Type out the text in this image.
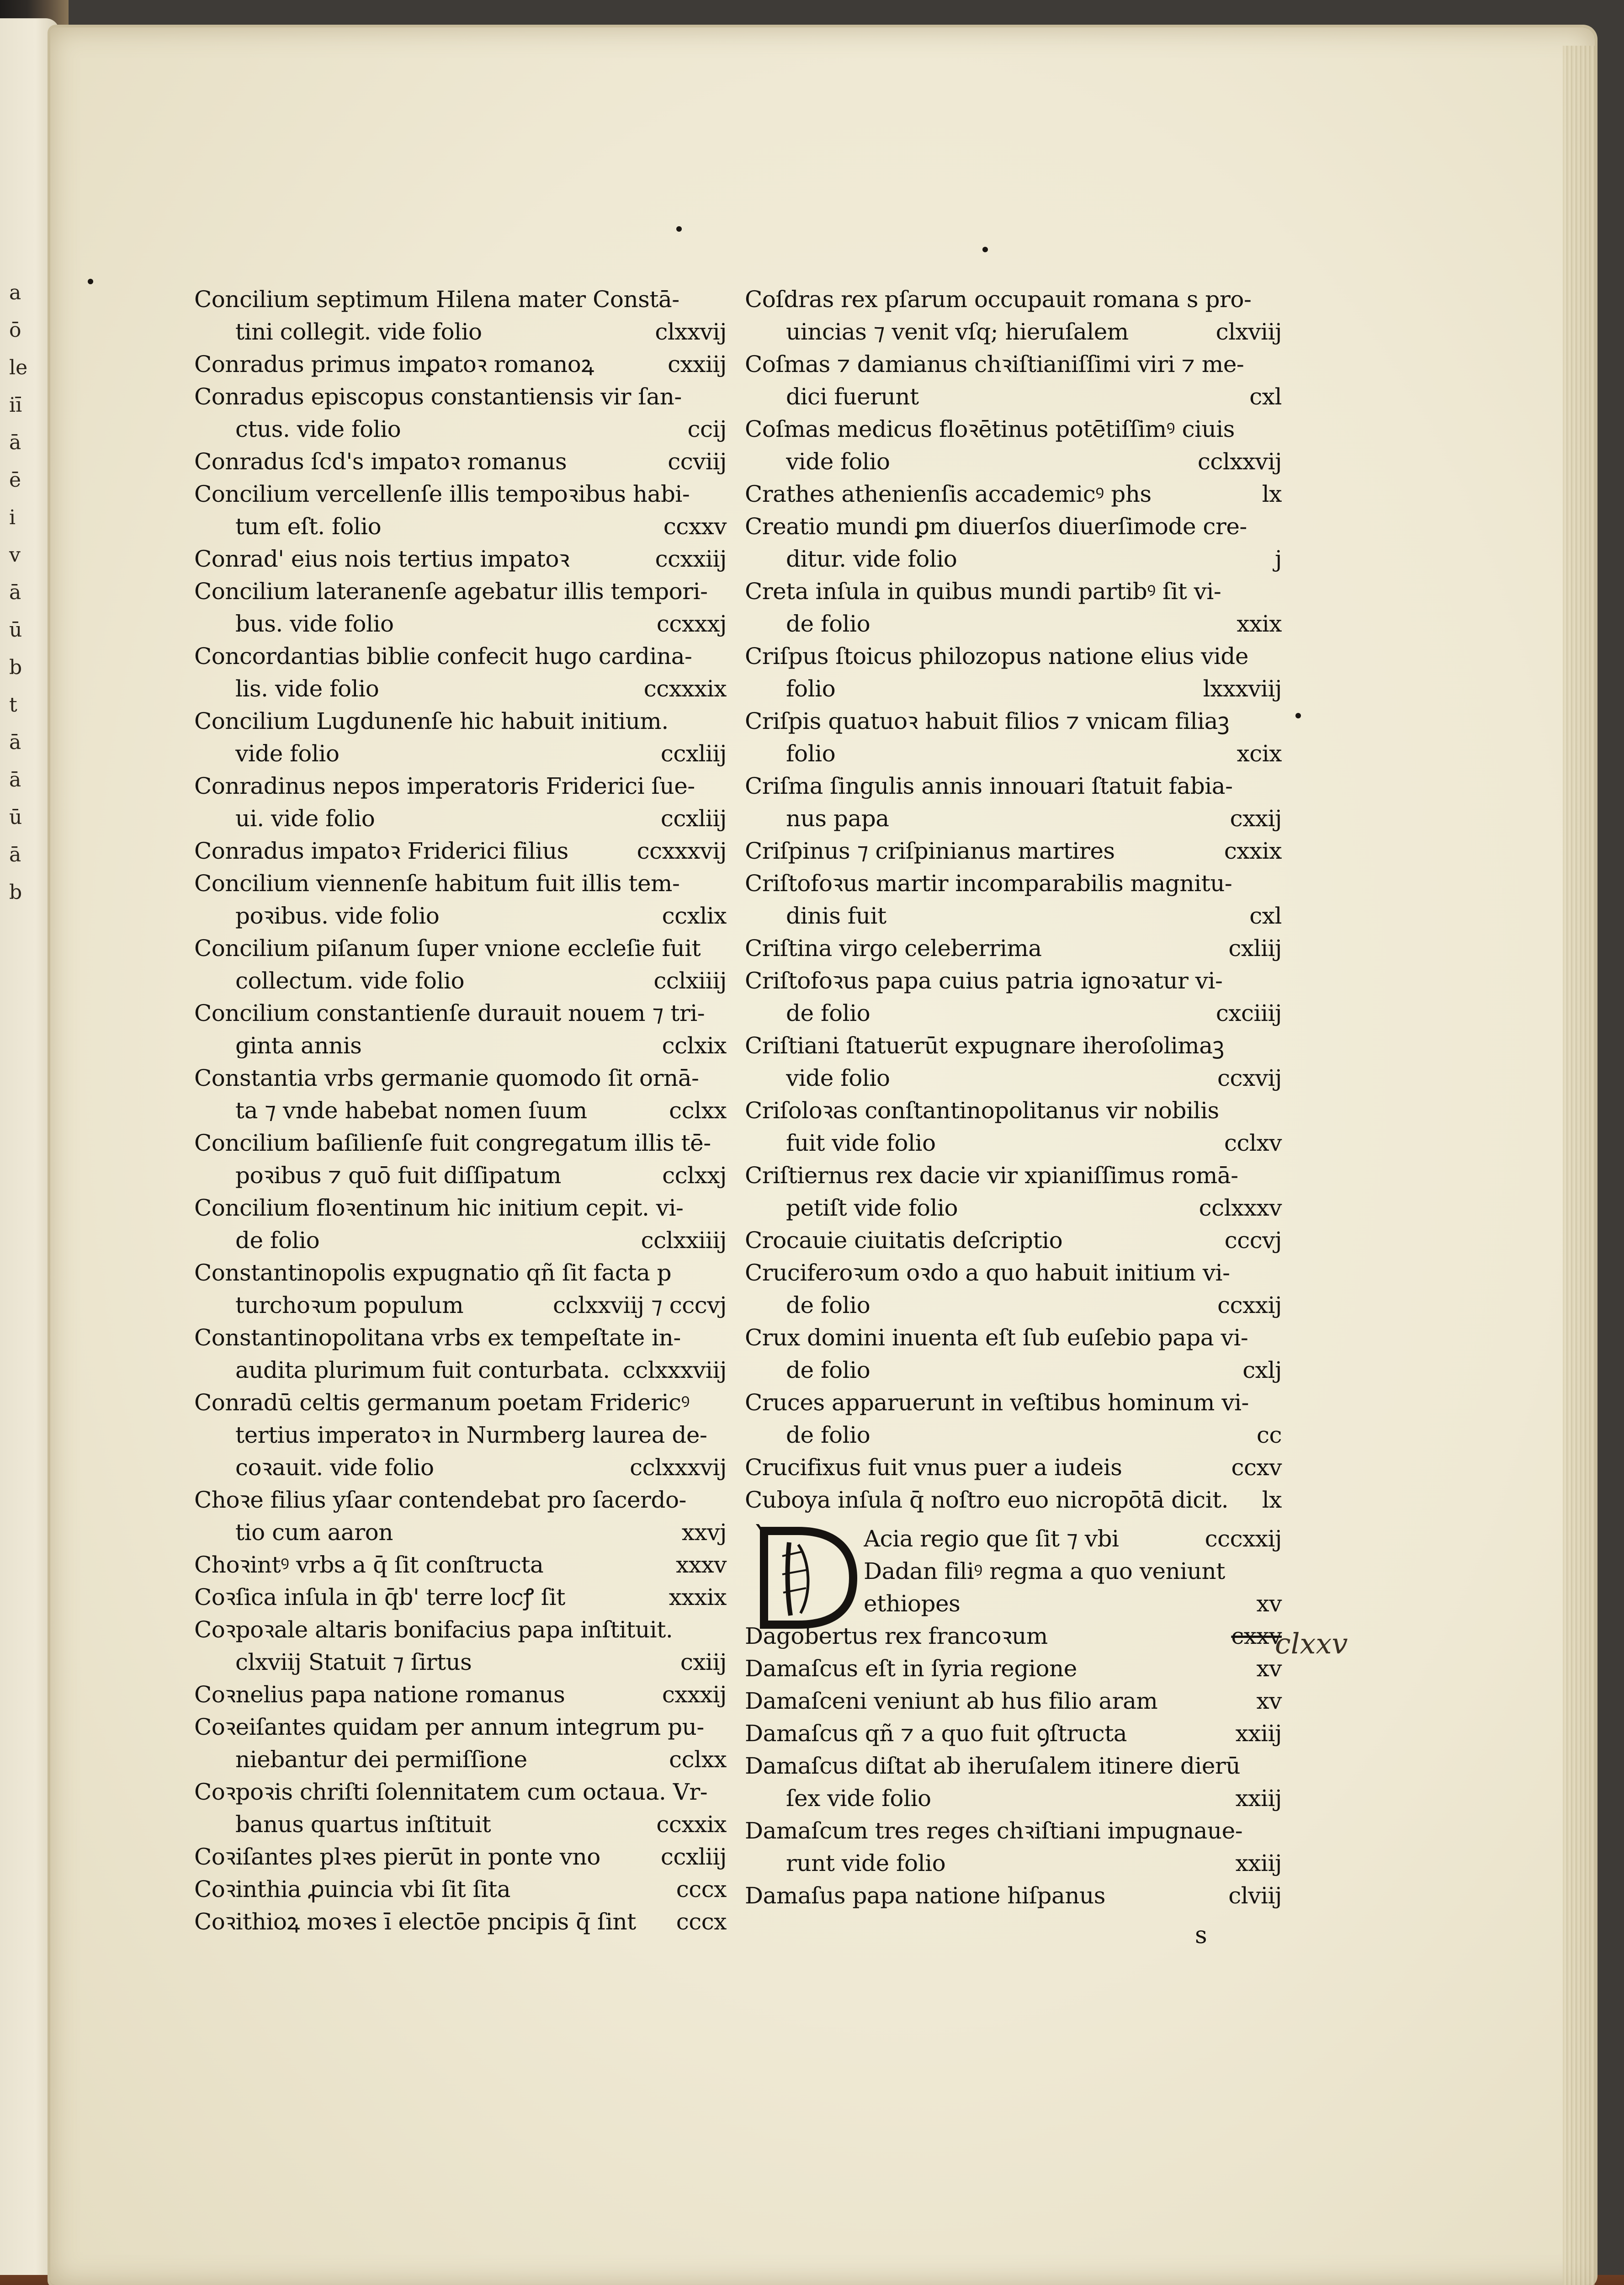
a
ō
le
iī
ā
ē
i
v
ā
ū
b
t
ā
ā
ū
ā
b
Concilium septimum Hilena mater Constā-
tini collegit. vide folio	clxxvij
Conradus primus imꝑatoꝛ romanoꝝ	cxxiij
Conradus episcopus constantiensis vir ſan-
ctus. vide folio	ccij
Conradus ſcd's impatoꝛ romanus	ccviij
Concilium vercellenſe illis tempoꝛibus habi-
tum eſt. folio	ccxxv
Conrad' eius nois tertius impatoꝛ	ccxxiij
Concilium lateranenſe agebatur illis tempori-
bus. vide folio	ccxxxj
Concordantias biblie confecit hugo cardina-
lis. vide folio	ccxxxix
Concilium Lugdunenſe hic habuit initium.
vide folio	ccxliij
Conradinus nepos imperatoris Friderici ſue-
ui. vide folio	ccxliij
Conradus impatoꝛ Friderici filius	ccxxxvij
Concilium viennenſe habitum fuit illis tem-
poꝛibus. vide folio	ccxlix
Concilium piſanum ſuper vnione eccleſie fuit
collectum. vide folio	cclxiiij
Concilium constantienſe durauit nouem ⁊ tri-
ginta annis	cclxix
Constantia vrbs germanie quomodo ſit ornā-
ta ⁊ vnde habebat nomen ſuum	cclxx
Concilium baſilienſe fuit congregatum illis tē-
poꝛibus ⁊ quō fuit diſſipatum	cclxxj
Concilium floꝛentinum hic initium cepit. vi-
de folio	cclxxiiij
Constantinopolis expugnatio qñ ſit facta p
turchoꝛum populum	cclxxviij ⁊ cccvj
Constantinopolitana vrbs ex tempeſtate in-
audita plurimum fuit conturbata. cclxxxviij
Conradū celtis germanum poetam Fridericꝰ
tertius imperatoꝛ in Nurmberg laurea de-
coꝛauit. vide folio	cclxxxvij
Choꝛe filius yſaar contendebat pro ſacerdo-
tio cum aaron	xxvj
Choꝛintꝰ vrbs a q̄ ſit conſtructa	xxxv
Coꝛſica inſula in q̄b' terre locꝭ ſit	xxxix
Coꝛpoꝛale altaris bonifacius papa inſtituit.
clxviij Statuit ⁊ ſirtus	cxiij
Coꝛnelius papa natione romanus	cxxxij
Coꝛeiſantes quidam per annum integrum pu-
niebantur dei permiſſione	cclxx
Coꝛpoꝛis chriſti ſolennitatem cum octaua. Vr-
banus quartus inſtituit	ccxxix
Coꝛiſantes plꝛes pierūt in ponte vno	ccxliij
Coꝛinthia ꝓuincia vbi ſit ſita	cccx
Coꝛithioꝝ moꝛes ī electōe pncipis q̄ ſint	cccx
Coſdras rex pſarum occupauit romana s pro-
uincias ⁊ venit vſq; hieruſalem	clxviij
Coſmas ⁊ damianus chꝛiſtianiſſimi viri ⁊ me-
dici fuerunt	cxl
Coſmas medicus floꝛētinus potētiſſimꝰ ciuis
vide folio	cclxxvij
Crathes athenienſis accademicꝰ phs	lx
Creatio mundi ꝑm diuerſos diuerſimode cre-
ditur. vide folio	j
Creta inſula in quibus mundi partibꝰ ſit vi-
de folio	xxix
Criſpus ſtoicus philozopus natione elius vide
folio	lxxxviij
Criſpis quatuoꝛ habuit filios ⁊ vnicam filiaꝫ
folio	xcix
Criſma ſingulis annis innouari ſtatuit fabia-
nus papa	cxxij
Criſpinus ⁊ criſpinianus martires	cxxix
Criſtofoꝛus martir incomparabilis magnitu-
dinis fuit	cxl
Criſtina virgo celeberrima	cxliij
Criſtofoꝛus papa cuius patria ignoꝛatur vi-
de folio	cxciiij
Criſtiani ſtatuerūt expugnare iheroſolimaꝫ
vide folio	ccxvij
Criſoloꝛas conſtantinopolitanus vir nobilis
fuit vide folio	cclxv
Criſtiernus rex dacie vir xpianiſſimus romā-
petiſt vide folio	cclxxxv
Crocauie ciuitatis deſcriptio	cccvj
Cruciferoꝛum oꝛdo a quo habuit initium vi-
de folio	ccxxij
Crux domini inuenta eſt ſub euſebio papa vi-
de folio	cxlj
Cruces apparuerunt in veſtibus hominum vi-
de folio	cc
Crucifixus fuit vnus puer a iudeis	ccxv
Cuboya inſula q̄ noſtro euo nicropōtā dicit.	lx
Acia regio que ſit ⁊ vbi	cccxxij
Dadan filiꝰ regma a quo veniunt
ethiopes	xv
Dagobertus rex francoꝛum	cxxv
Damaſcus eſt in ſyria regione	xv
Damaſceni veniunt ab hus filio aram	xv
Damaſcus qñ ⁊ a quo fuit ꝯſtructa	xxiij
Damaſcus diſtat ab iheruſalem itinere dierū
ſex vide folio	xxiij
Damaſcum tres reges chꝛiſtiani impugnaue-
runt vide folio	xxiij
Damaſus papa natione hiſpanus	clviij
clxxv
s
